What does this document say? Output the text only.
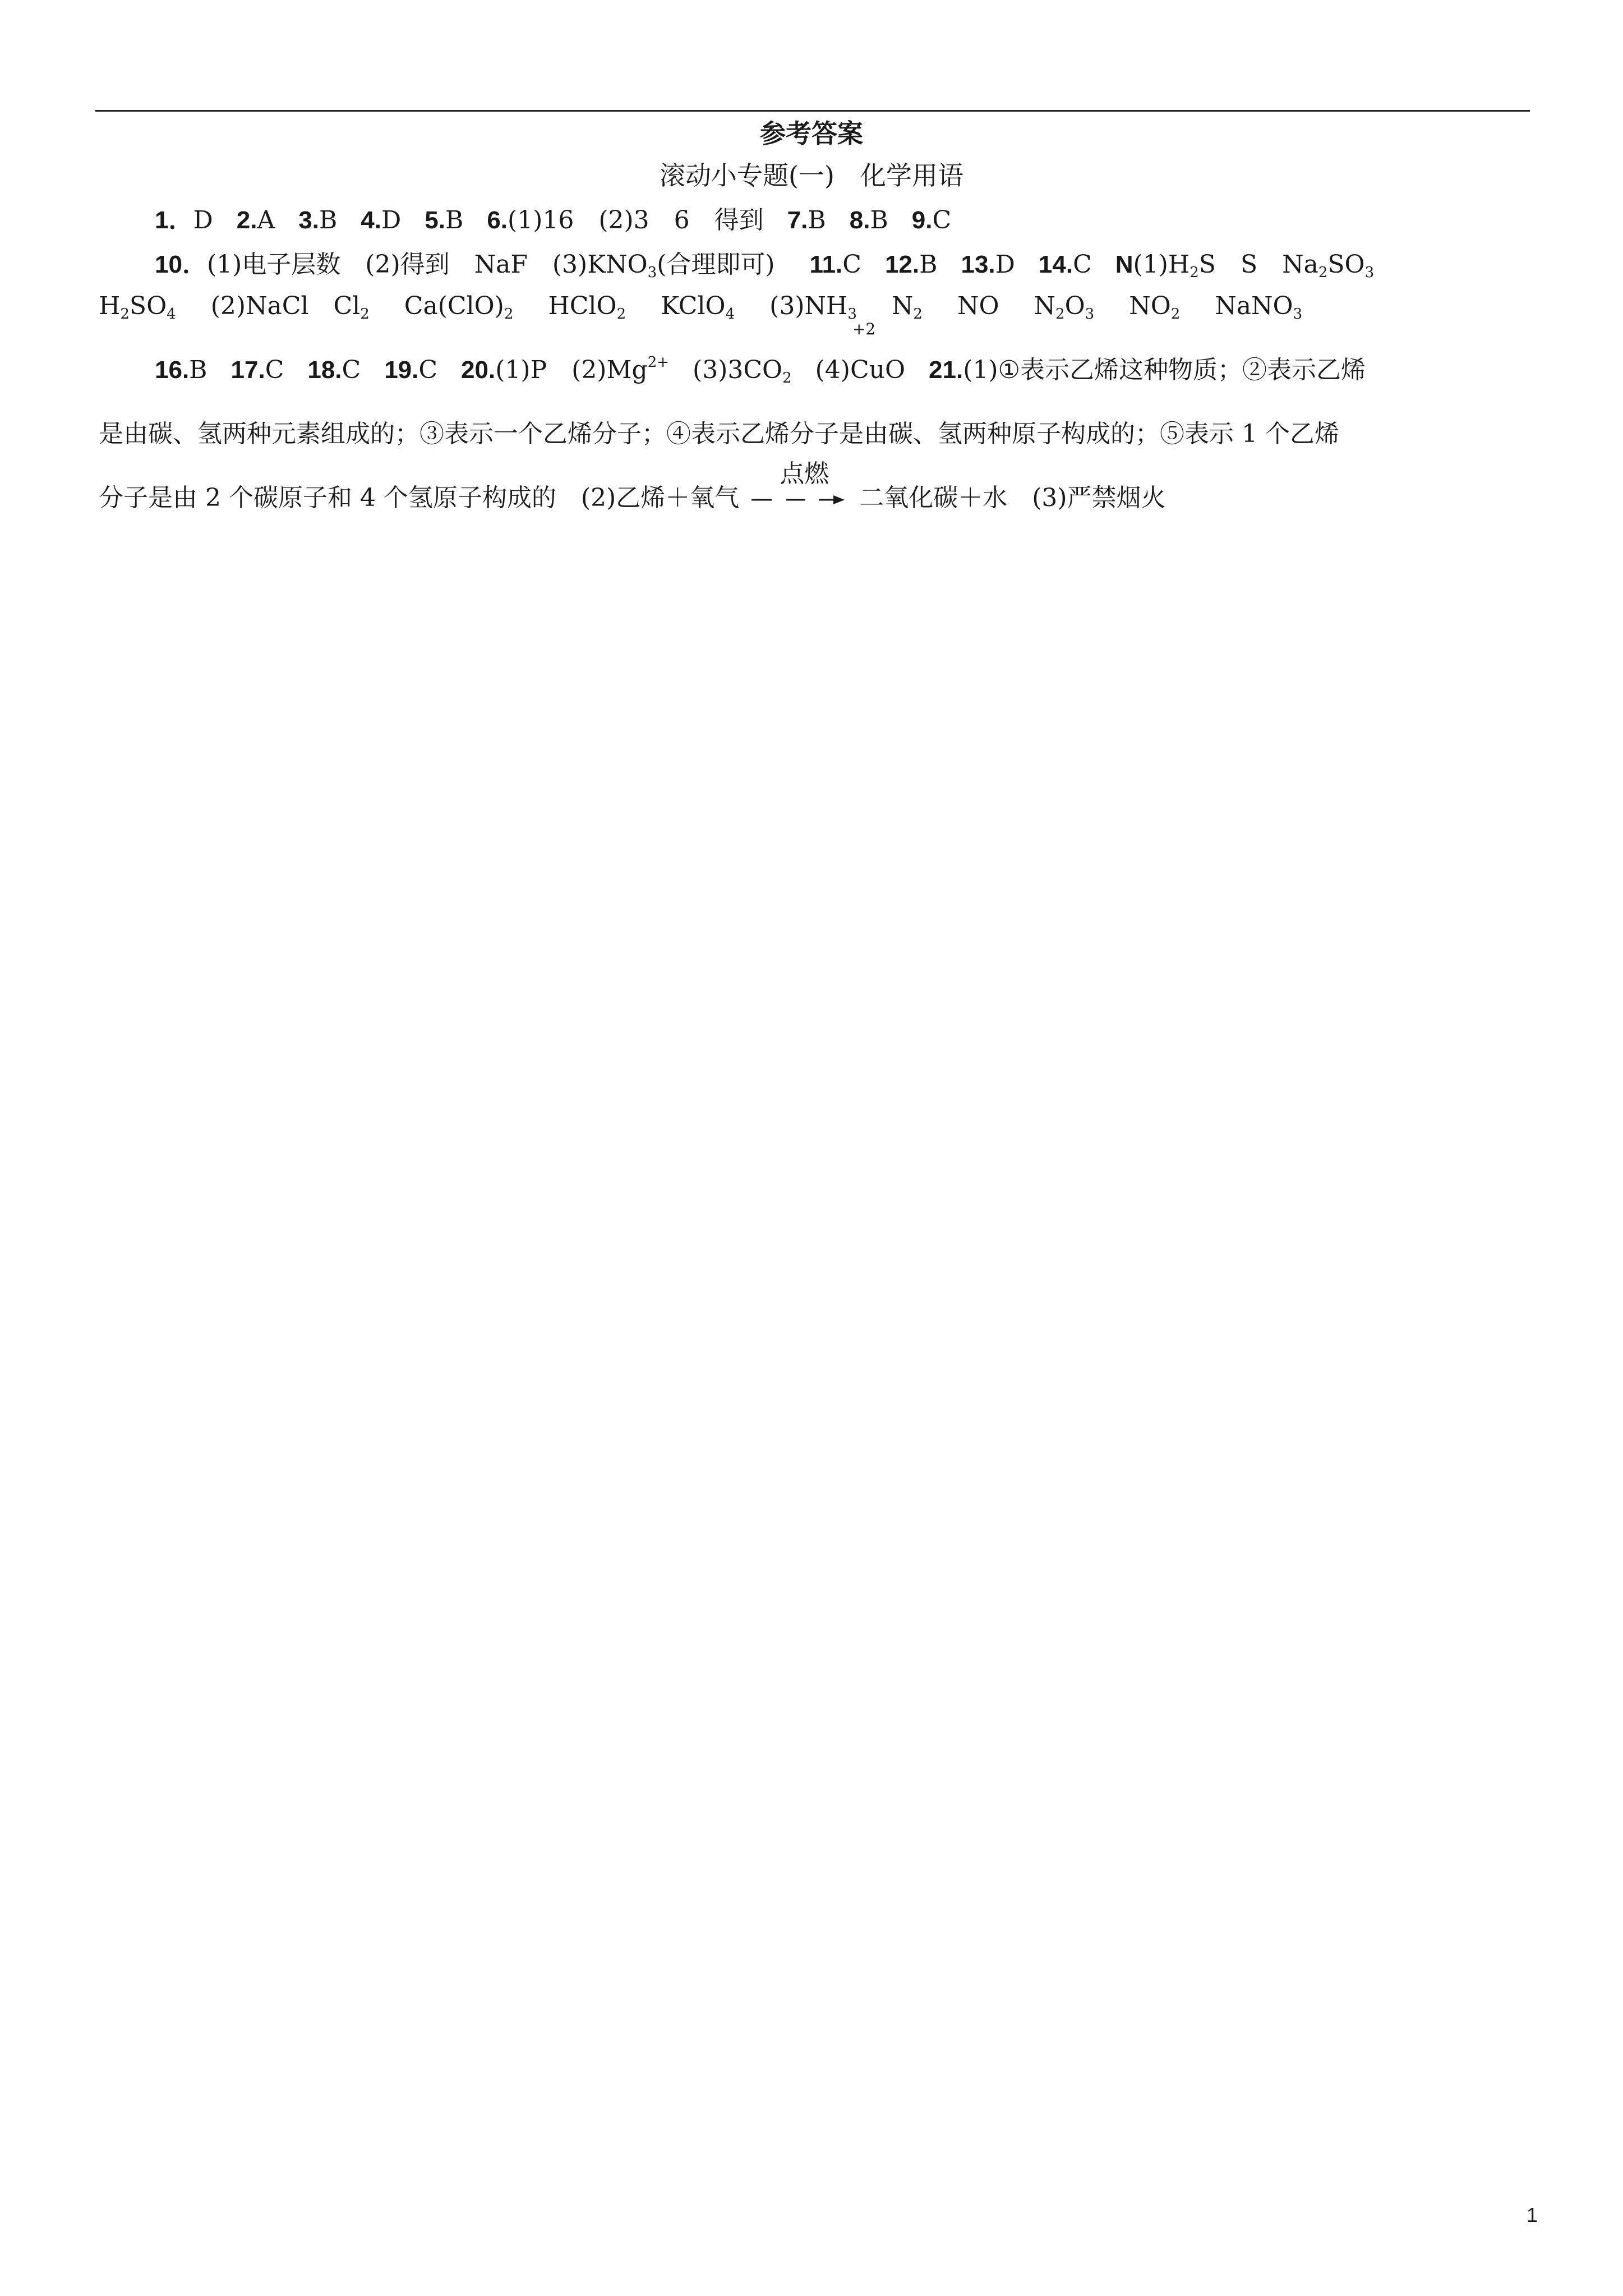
参考答案
滚动小专题(一)　化学用语
1．D 2.A 3.B 4.D 5.B 6.(1)16　(2)3　6　得到 7.B 8.B 9.C
10．(1)电子层数　(2)得到　NaF　$(3)KNO_3$(合理即可) 11.C 12.B 13.D 14.C $N(1)H_2S$　S　$Na_2SO_3$
$H_2SO_4$ (2)NaCl　$Cl_2$ $Ca(ClO)_2$ HClO$_2$ KClO$_4$ $(3)NH_3$ $N_2$ NO $N_2O_3$ $NO_2$ NaNO$_3$
16.B 17.C 18.C 19.C 20.(1)P　$(2)Mg^{2+}$ $(3)3CO_2$ (4)
+2
CuO 21.(1)①表示乙烯这种物质；②表示乙烯
是由碳、氢两种元素组成的；③表示一个乙烯分子；④表示乙烯分子是由碳、氢两种原子构成的；⑤表示 1 个乙烯
分子是由 2 个碳原子和 4 个氢原子构成的　(2)乙烯＋氧气
点燃
二氧化碳＋水　(3)严禁烟火
1
